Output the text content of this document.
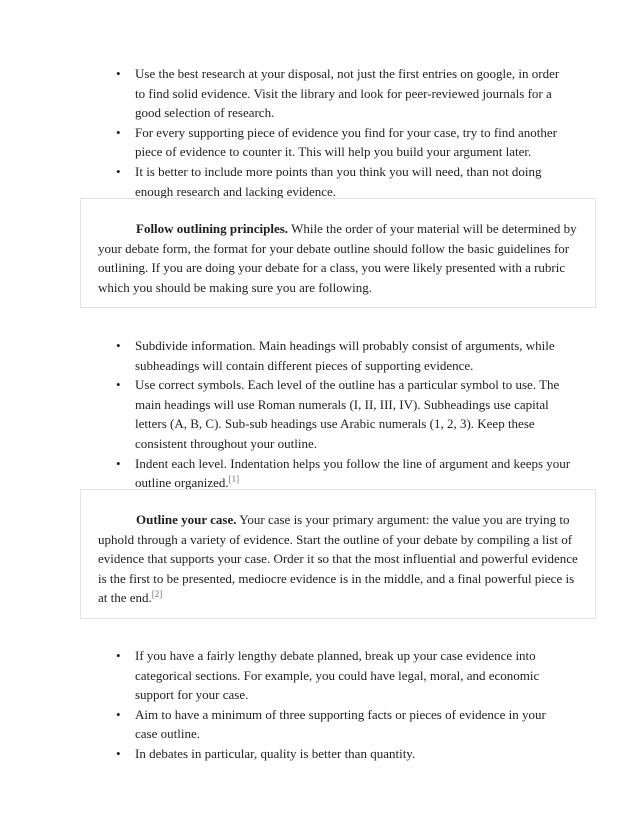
•	Use the best research at your disposal, not just the first entries on google, in order to find solid evidence. Visit the library and look for peer-reviewed journals for a good selection of research.
•	For every supporting piece of evidence you find for your case, try to find another piece of evidence to counter it. This will help you build your argument later.
•	It is better to include more points than you think you will need, than not doing enough research and lacking evidence.

Follow outlining principles. While the order of your material will be determined by your debate form, the format for your debate outline should follow the basic guidelines for outlining. If you are doing your debate for a class, you were likely presented with a rubric which you should be making sure you are following.

•	Subdivide information. Main headings will probably consist of arguments, while subheadings will contain different pieces of supporting evidence.
•	Use correct symbols. Each level of the outline has a particular symbol to use. The main headings will use Roman numerals (I, II, III, IV). Subheadings use capital letters (A, B, C). Sub-sub headings use Arabic numerals (1, 2, 3). Keep these consistent throughout your outline.
•	Indent each level. Indentation helps you follow the line of argument and keeps your outline organized.[1]

Outline your case. Your case is your primary argument: the value you are trying to uphold through a variety of evidence. Start the outline of your debate by compiling a list of evidence that supports your case. Order it so that the most influential and powerful evidence is the first to be presented, mediocre evidence is in the middle, and a final powerful piece is at the end.[2]

•	If you have a fairly lengthy debate planned, break up your case evidence into categorical sections. For example, you could have legal, moral, and economic support for your case.
•	Aim to have a minimum of three supporting facts or pieces of evidence in your case outline.
•	In debates in particular, quality is better than quantity.
